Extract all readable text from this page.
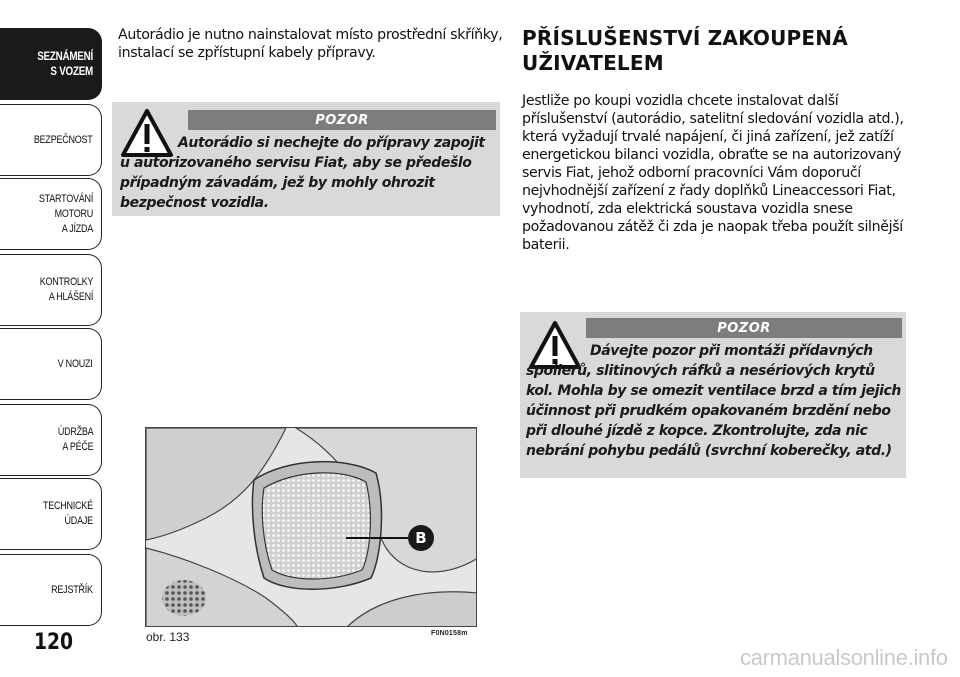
SEZNÁMENÍ
S VOZEM
BEZPEČNOST
STARTOVÁNÍ
MOTORU
A JÍZDA
KONTROLKY
A HLÁŠENÍ
V NOUZI
ÚDRŽBA
A PÉČE
TECHNICKÉ
ÚDAJE
REJSTŘÍK
120
Autorádio je nutno nainstalovat místo prostřední skříňky, instalací se zpřístupní kabely přípravy.
POZOR
Autorádio si nechejte do přípravy zapojit u autorizovaného servisu Fiat, aby se předešlo případným závadám, jež by mohly ohrozit bezpečnost vozidla.
B
obr. 133	F0N0158m
PŘÍSLUŠENSTVÍ ZAKOUPENÁ UŽIVATELEM
Jestliže po koupi vozidla chcete instalovat další příslušenství (autorádio, satelitní sledování vozidla atd.), která vyžadují trvalé napájení, či jiná zařízení, jež zatíží energetickou bilanci vozidla, obraťte se na autorizovaný servis Fiat, jehož odborní pracovníci Vám doporučí nejvhodnější zařízení z řady doplňků Lineaccessori Fiat, vyhodnotí, zda elektrická soustava vozidla snese požadovanou zátěž či zda je naopak třeba použít silnější baterii.
POZOR
Dávejte pozor při montáži přídavných spoilerů, slitinových ráfků a nesériových krytů kol. Mohla by se omezit ventilace brzd a tím jejich účinnost při prudkém opakovaném brzdění nebo při dlouhé jízdě z kopce. Zkontrolujte, zda nic nebrání pohybu pedálů (svrchní koberečky, atd.)
carmanualsonline.info
